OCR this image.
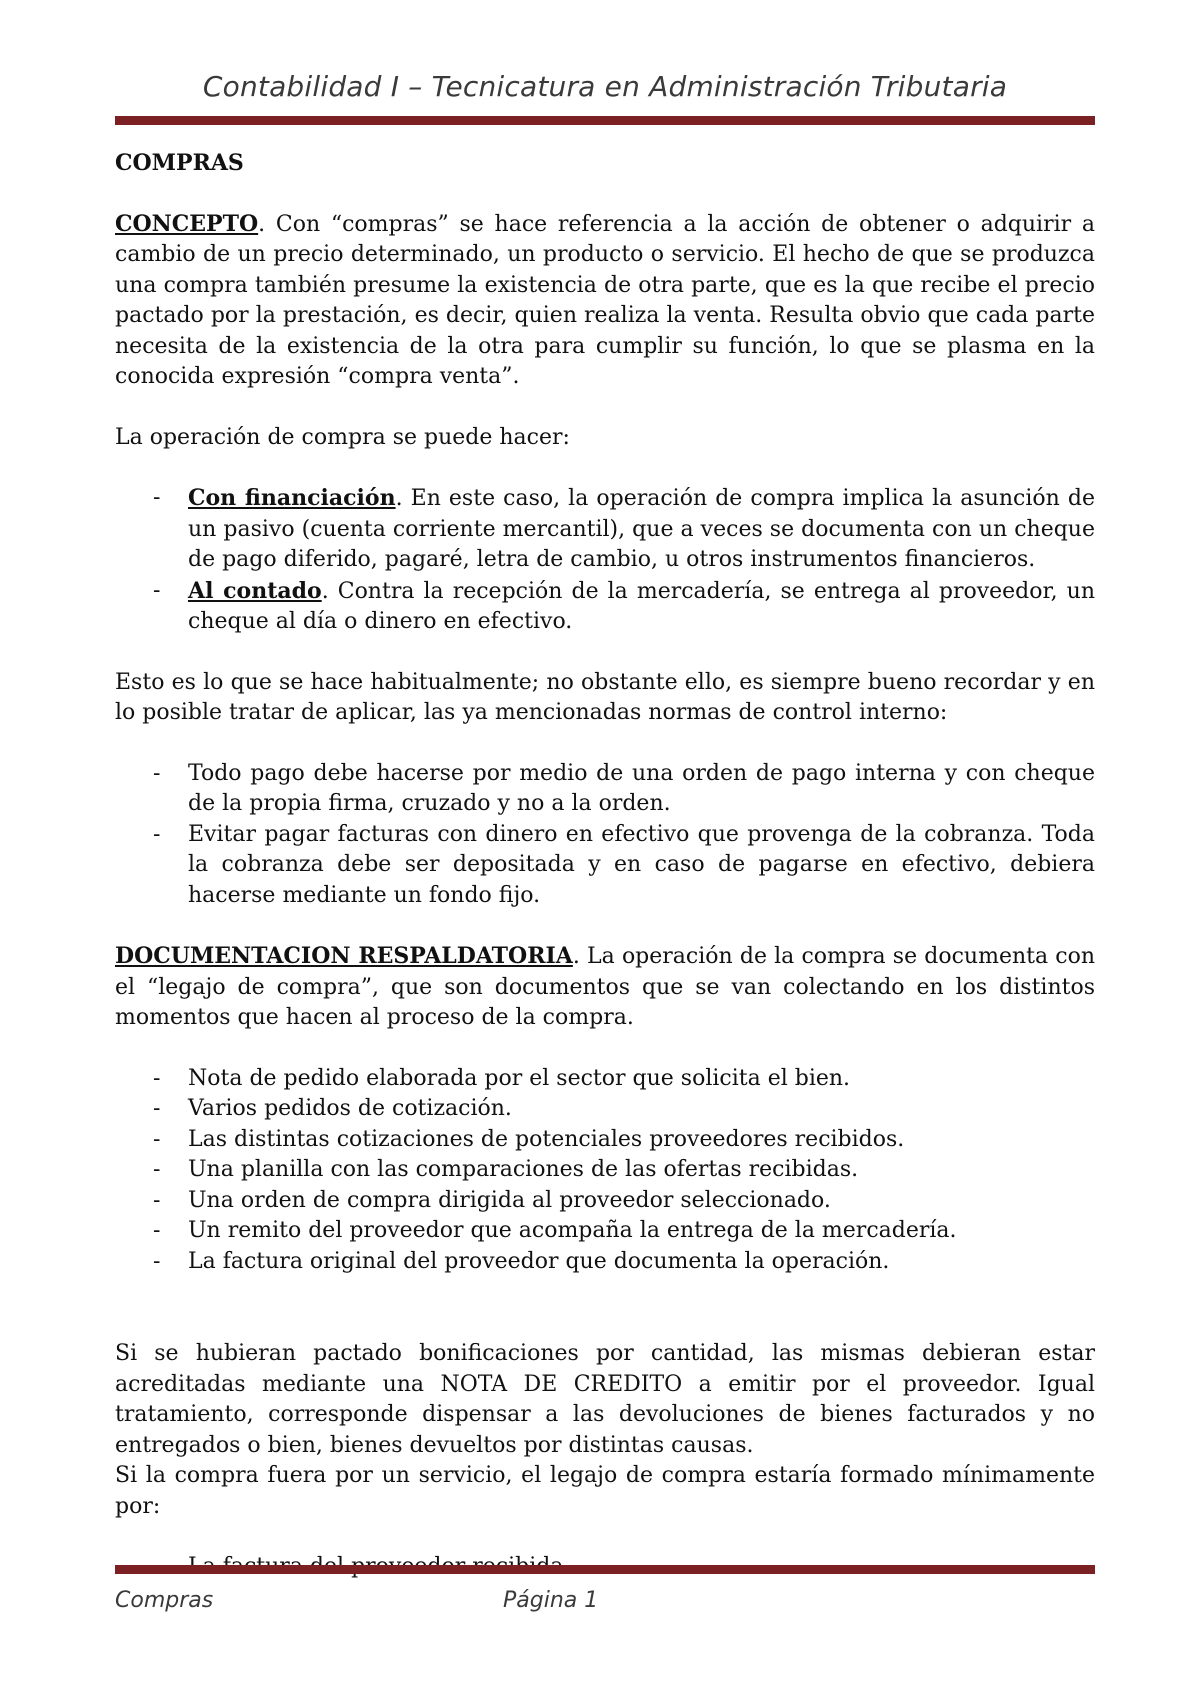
Contabilidad I – Tecnicatura en Administración Tributaria

COMPRAS

CONCEPTO. Con “compras” se hace referencia a la acción de obtener o adquirir a cambio de un precio determinado, un producto o servicio. El hecho de que se produzca una compra también presume la existencia de otra parte, que es la que recibe el precio pactado por la prestación, es decir, quien realiza la venta. Resulta obvio que cada parte necesita de la existencia de la otra para cumplir su función, lo que se plasma en la conocida expresión “compra venta”.

La operación de compra se puede hacer:

- Con financiación. En este caso, la operación de compra implica la asunción de un pasivo (cuenta corriente mercantil), que a veces se documenta con un cheque de pago diferido, pagaré, letra de cambio, u otros instrumentos financieros.
- Al contado. Contra la recepción de la mercadería, se entrega al proveedor, un cheque al día o dinero en efectivo.

Esto es lo que se hace habitualmente; no obstante ello, es siempre bueno recordar y en lo posible tratar de aplicar, las ya mencionadas normas de control interno:

- Todo pago debe hacerse por medio de una orden de pago interna y con cheque de la propia firma, cruzado y no a la orden.
- Evitar pagar facturas con dinero en efectivo que provenga de la cobranza. Toda la cobranza debe ser depositada y en caso de pagarse en efectivo, debiera hacerse mediante un fondo fijo.

DOCUMENTACION RESPALDATORIA. La operación de la compra se documenta con el “legajo de compra”, que son documentos que se van colectando en los distintos momentos que hacen al proceso de la compra.

- Nota de pedido elaborada por el sector que solicita el bien.
- Varios pedidos de cotización.
- Las distintas cotizaciones de potenciales proveedores recibidos.
- Una planilla con las comparaciones de las ofertas recibidas.
- Una orden de compra dirigida al proveedor seleccionado.
- Un remito del proveedor que acompaña la entrega de la mercadería.
- La factura original del proveedor que documenta la operación.

Si se hubieran pactado bonificaciones por cantidad, las mismas debieran estar acreditadas mediante una NOTA DE CREDITO a emitir por el proveedor. Igual tratamiento, corresponde dispensar a las devoluciones de bienes facturados y no entregados o bien, bienes devueltos por distintas causas.

Si la compra fuera por un servicio, el legajo de compra estaría formado mínimamente por:

Compras	Página 1
